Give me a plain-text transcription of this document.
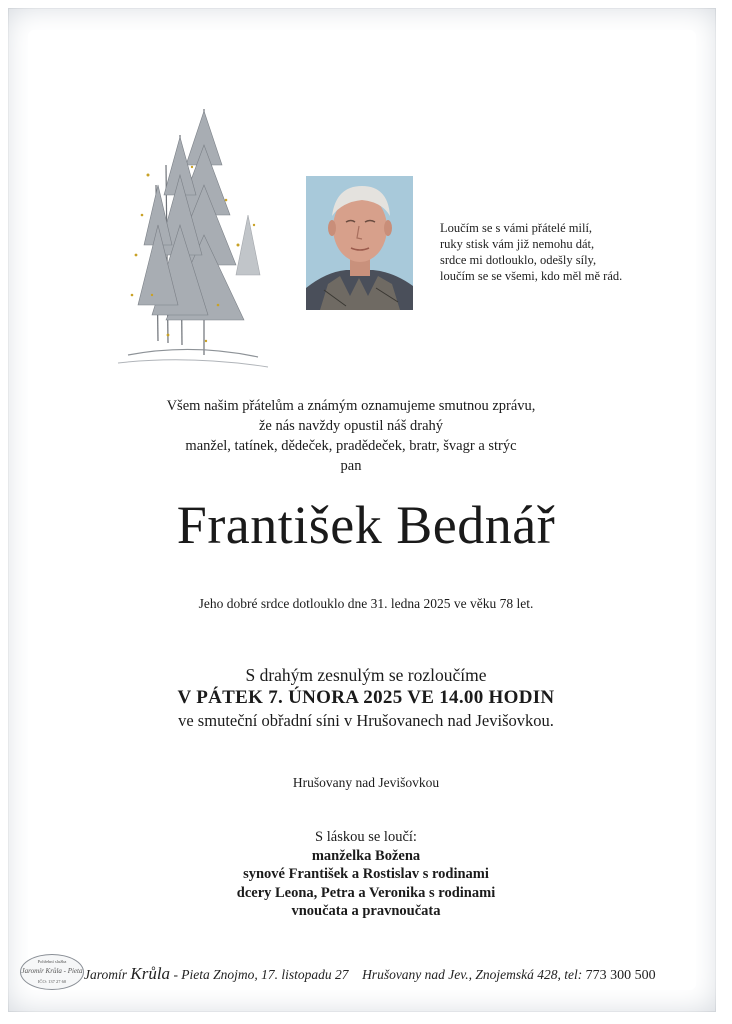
Loučím se s vámi přátelé milí,
ruky stisk vám již nemohu dát,
srdce mi dotlouklo, odešly síly,
loučím se se všemi, kdo měl mě rád.
Všem našim přátelům a známým oznamujeme smutnou zprávu,
že nás navždy opustil náš drahý
manžel, tatínek, dědeček, pradědeček, bratr, švagr a strýc
pan
František Bednář
Jeho dobré srdce dotlouklo dne 31. ledna 2025 ve věku 78 let.
S drahým zesnulým se rozloučíme
V PÁTEK 7. ÚNORA 2025 VE 14.00 HODIN
ve smuteční obřadní síni v Hrušovanech nad Jevišovkou.
Hrušovany nad Jevišovkou
S láskou se loučí:
manželka Božena
synové František a Rostislav s rodinami
dcery Leona, Petra a Veronika s rodinami
vnoučata a pravnoučata
Pohřební služba
Jaromír Krůla - Pieta
IČO: 137 27 60	Jaromír Krůla - Pieta Znojmo, 17. listopadu 27 Hrušovany nad Jev., Znojemská 428, tel: 773 300 500
